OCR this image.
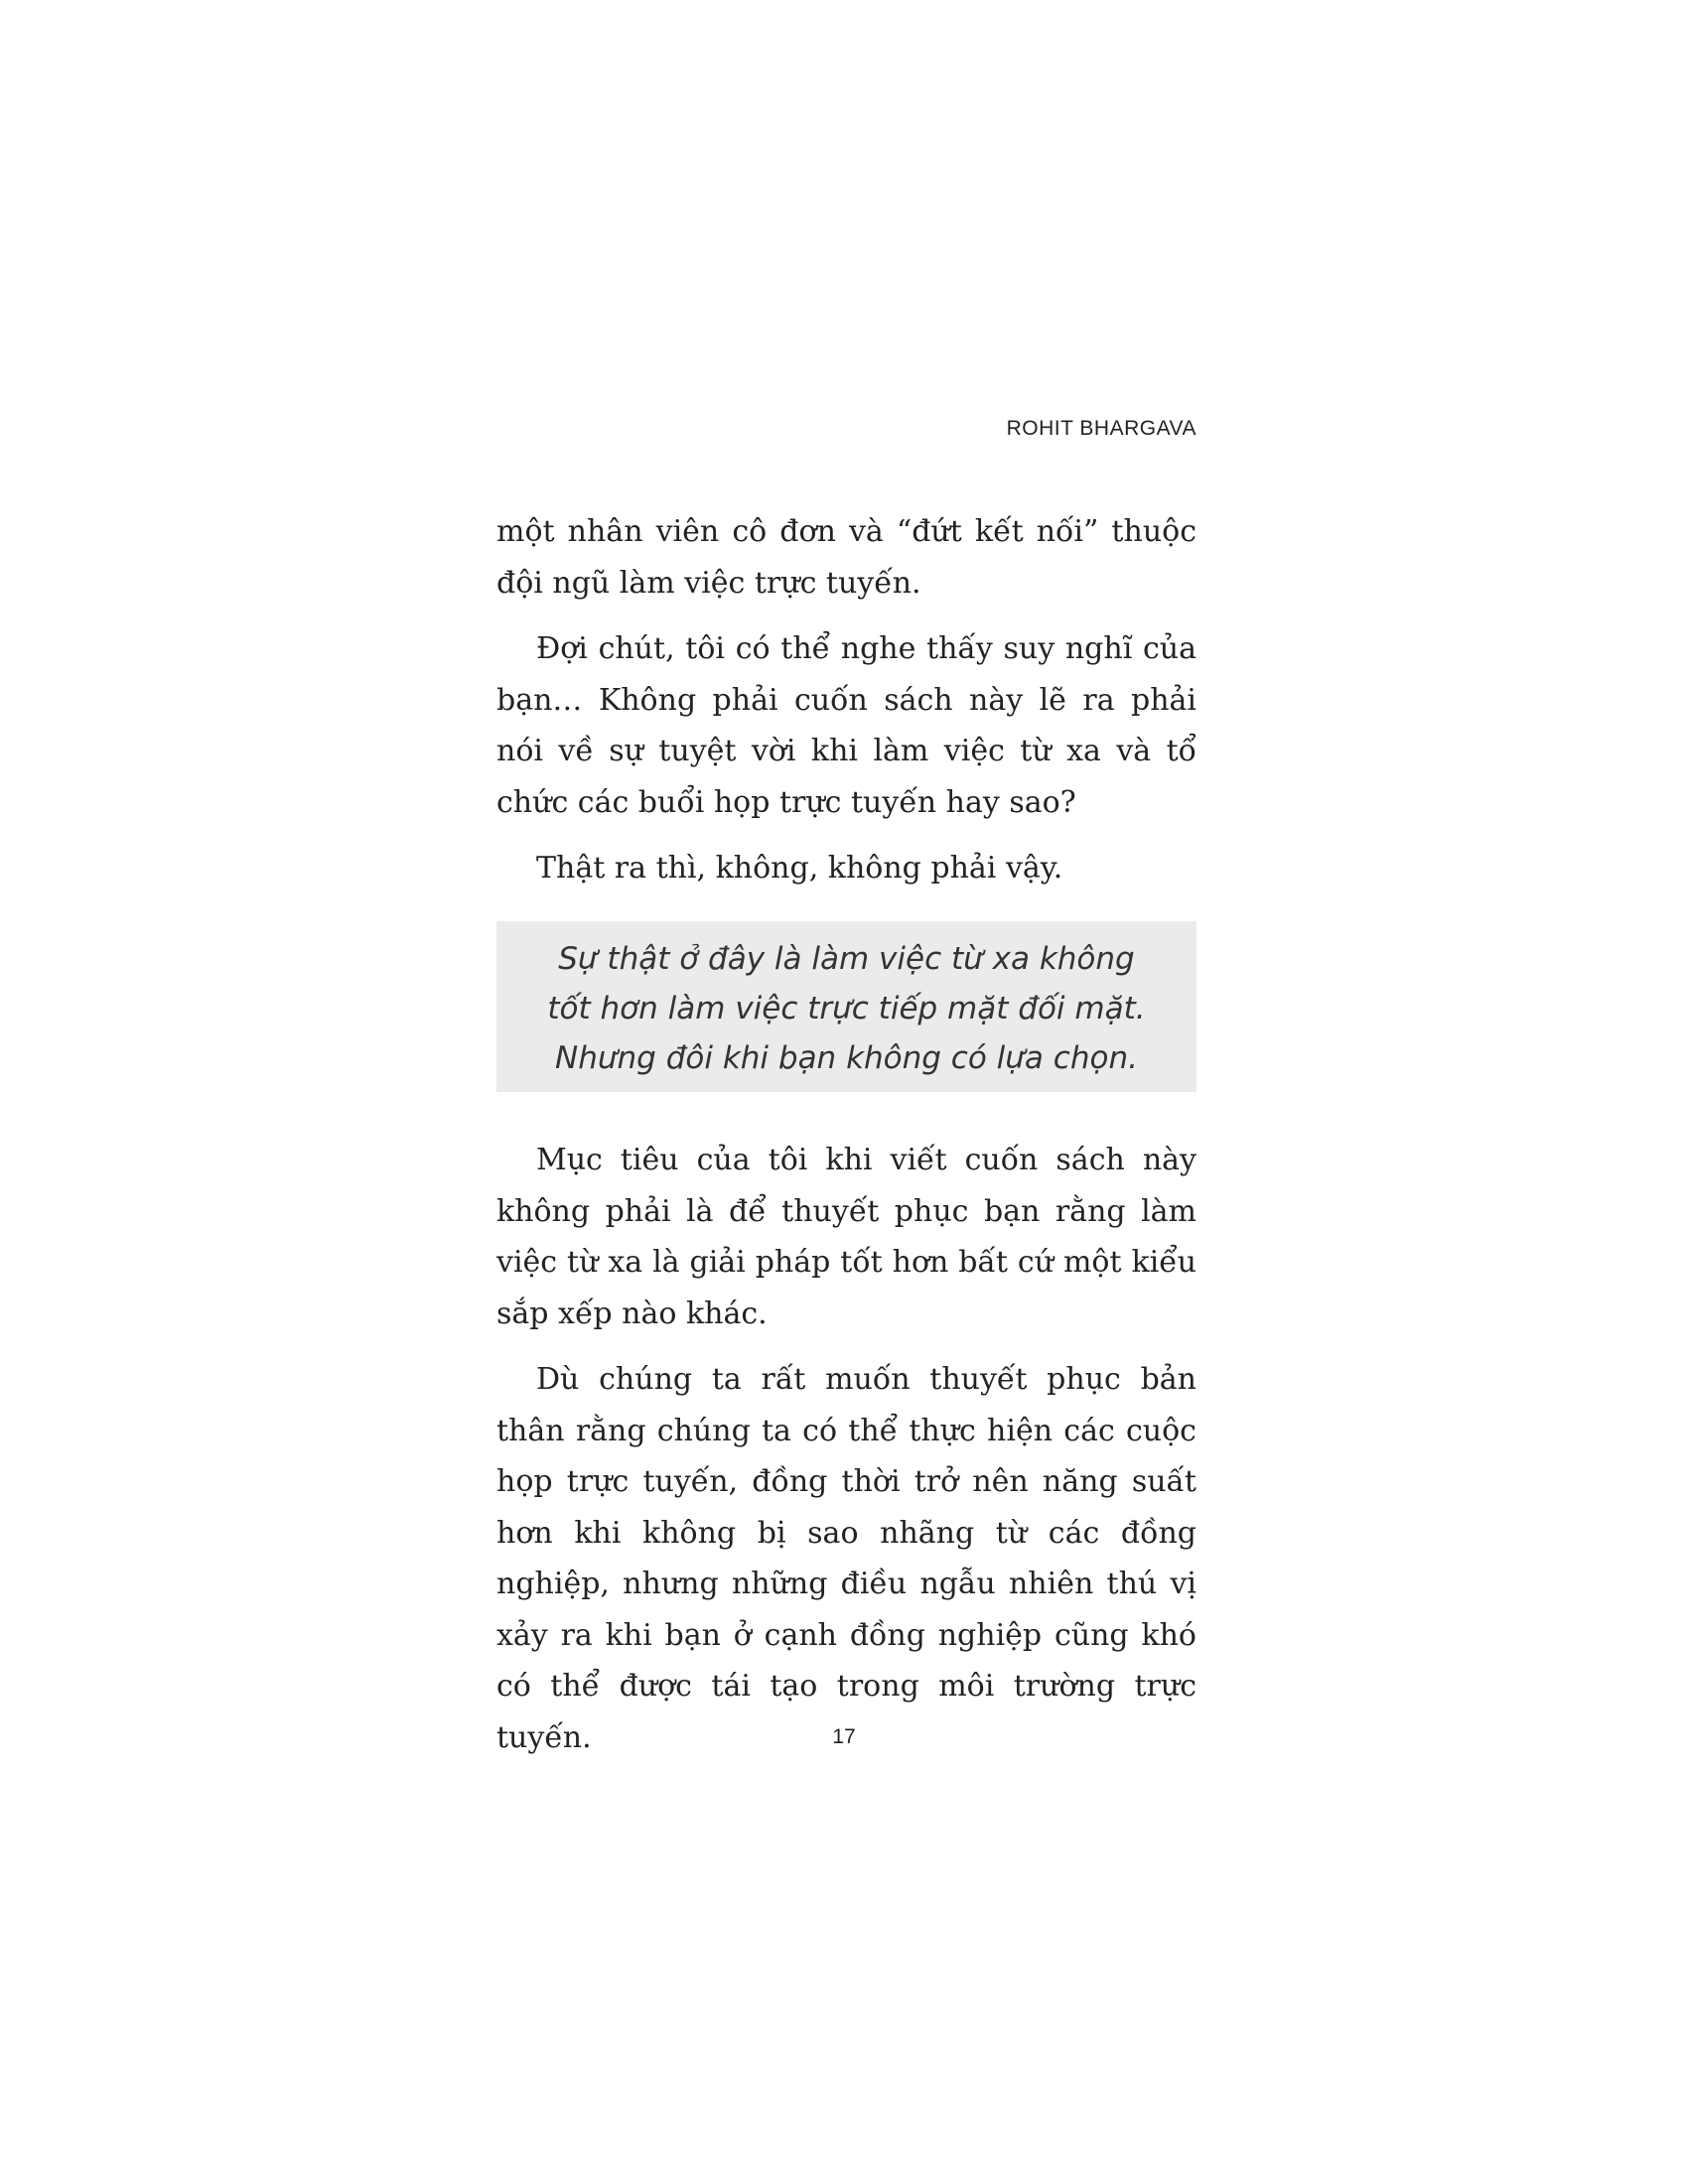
ROHIT BHARGAVA

một nhân viên cô đơn và “đứt kết nối” thuộc đội ngũ làm việc trực tuyến.

Đợi chút, tôi có thể nghe thấy suy nghĩ của bạn… Không phải cuốn sách này lẽ ra phải nói về sự tuyệt vời khi làm việc từ xa và tổ chức các buổi họp trực tuyến hay sao?

Thật ra thì, không, không phải vậy.

Sự thật ở đây là làm việc từ xa không
tốt hơn làm việc trực tiếp mặt đối mặt.
Nhưng đôi khi bạn không có lựa chọn.

Mục tiêu của tôi khi viết cuốn sách này không phải là để thuyết phục bạn rằng làm việc từ xa là giải pháp tốt hơn bất cứ một kiểu sắp xếp nào khác.

Dù chúng ta rất muốn thuyết phục bản thân rằng chúng ta có thể thực hiện các cuộc họp trực tuyến, đồng thời trở nên năng suất hơn khi không bị sao nhãng từ các đồng nghiệp, nhưng những điều ngẫu nhiên thú vị xảy ra khi bạn ở cạnh đồng nghiệp cũng khó có thể được tái tạo trong môi trường trực tuyến.	17
